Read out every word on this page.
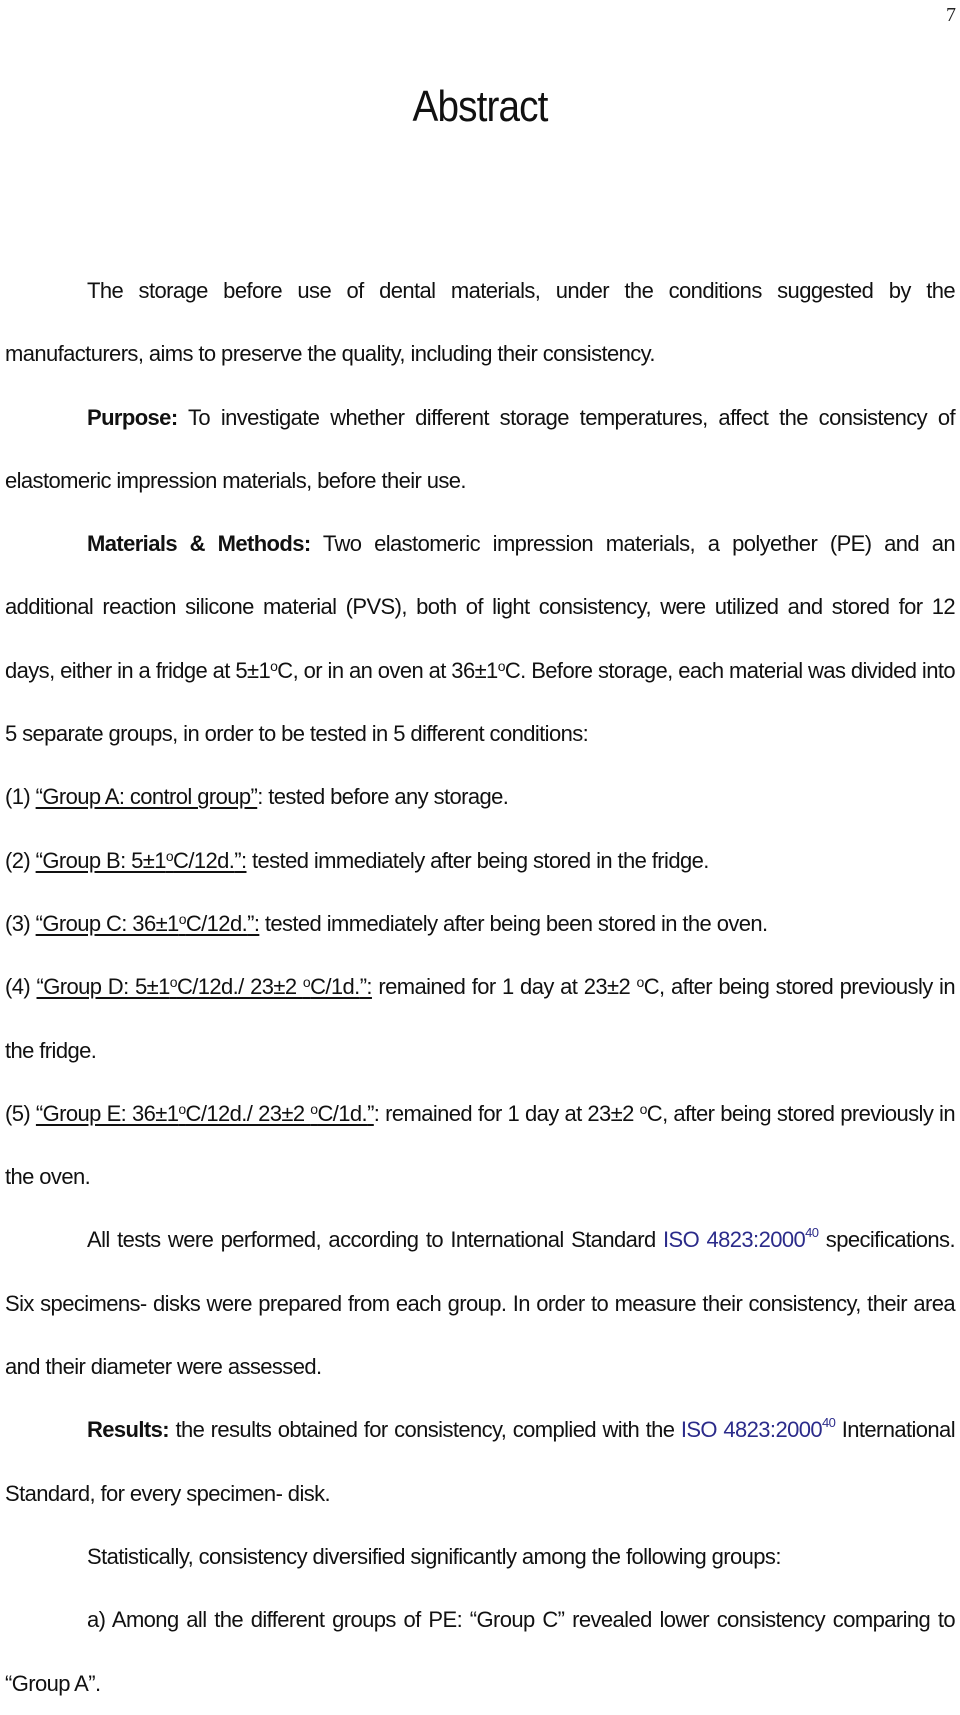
7
Abstract

The storage before use of dental materials, under the conditions suggested by the manufacturers, aims to preserve the quality, including their consistency.

Purpose: To investigate whether different storage temperatures, affect the consistency of elastomeric impression materials, before their use.

Materials & Methods: Two elastomeric impression materials, a polyether (PE) and an additional reaction silicone material (PVS), both of light consistency, were utilized and stored for 12 days, either in a fridge at $5\pm 1^oC$, or in an oven at $36\pm 1^oC$. Before storage, each material was divided into 5 separate groups, in order to be tested in 5 different conditions:

(1) “Group A: control group”: tested before any storage.

(2) “Group B: $5\pm 1^oC/12d$.”: tested immediately after being stored in the fridge.

(3) “Group C: $36\pm 1^oC/12d$.”: tested immediately after being been stored in the oven.

(4) “Group D: $5\pm 1^oC/12d./$ 23±2 $^o$C/1d.”: remained for 1 day at 23±2 $^o$C, after being stored previously in the fridge.

(5) “Group E: $36\pm 1^oC/12d./$ 23±2 $^o$C/1d.”: remained for 1 day at 23±2 $^o$C, after being stored previously in the oven.

All tests were performed, according to International Standard ISO 4823:2000$^{40}$ specifications. Six specimens- disks were prepared from each group. In order to measure their consistency, their area and their diameter were assessed.

Results: the results obtained for consistency, complied with the ISO 4823:2000$^{40}$ International Standard, for every specimen- disk.

Statistically, consistency diversified significantly among the following groups:

a) Among all the different groups of PE: “Group C” revealed lower consistency comparing to “Group A”.
